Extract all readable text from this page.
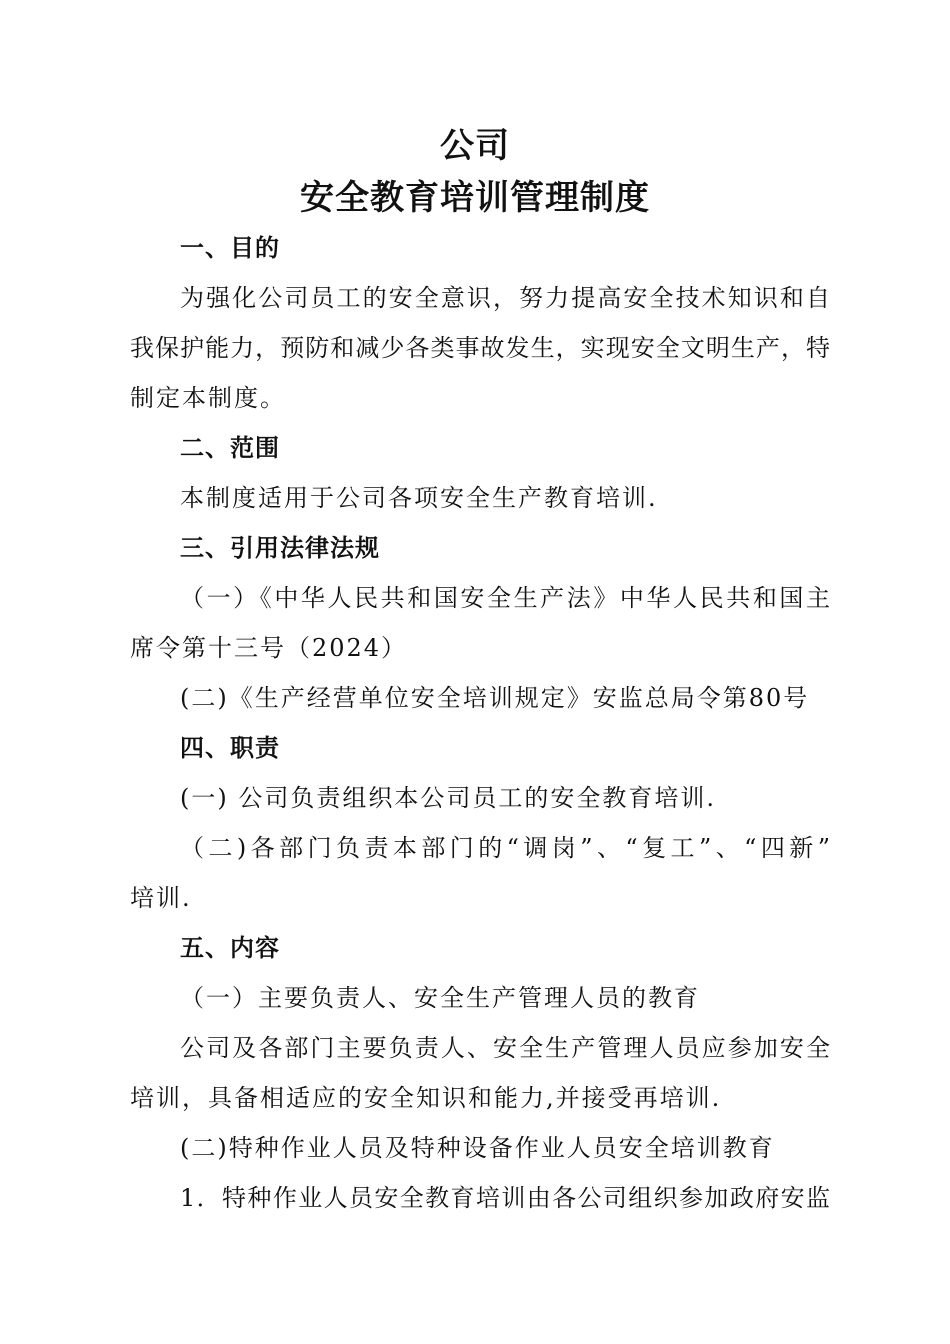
公司
安全教育培训管理制度
一、目的
为强化公司员工的安全意识，努力提高安全技术知识和自
我保护能力，预防和减少各类事故发生，实现安全文明生产，特
制定本制度。
二、范围
本制度适用于公司各项安全生产教育培训.
三、引用法律法规
（一）《中华人民共和国安全生产法》中华人民共和国主
席令第十三号（2024）
(二)《生产经营单位安全培训规定》安监总局令第80号
四、职责
(一) 公司负责组织本公司员工的安全教育培训.
（二)各部门负责本部门的“调岗”、“复工”、“四新”
培训.
五、内容
（一）主要负责人、安全生产管理人员的教育
公司及各部门主要负责人、安全生产管理人员应参加安全
培训，具备相适应的安全知识和能力,并接受再培训.
(二)特种作业人员及特种设备作业人员安全培训教育
1．特种作业人员安全教育培训由各公司组织参加政府安监
